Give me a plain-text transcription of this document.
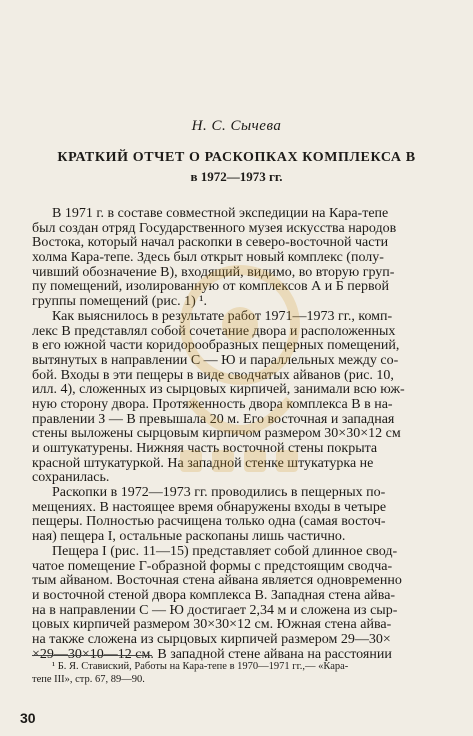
Н. С. Сычева
КРАТКИЙ ОТЧЕТ О РАСКОПКАХ КОМПЛЕКСА В
в 1972—1973 гг.
В 1971 г. в составе совместной экспедиции на Кара-тепе
был создан отряд Государственного музея искусства народов
Востока, который начал раскопки в северо-восточной части
холма Кара-тепе. Здесь был открыт новый комплекс (полу-
чивший обозначение В), входящий, видимо, во вторую груп-
пу помещений, изолированную от комплексов А и Б первой
группы помещений (рис. 1) ¹.
Как выяснилось в результате работ 1971—1973 гг., комп-
лекс В представлял собой сочетание двора и расположенных
в его южной части коридорообразных пещерных помещений,
вытянутых в направлении С — Ю и параллельных между со-
бой. Входы в эти пещеры в виде сводчатых айванов (рис. 10,
илл. 4), сложенных из сырцовых кирпичей, занимали всю юж-
ную сторону двора. Протяженность двора комплекса В в на-
правлении З — В превышала 20 м. Его восточная и западная
стены выложены сырцовым кирпичом размером 30×30×12 см
и оштукатурены. Нижняя часть восточной стены покрыта
красной штукатуркой. На западной стенке штукатурка не
сохранилась.
Раскопки в 1972—1973 гг. проводились в пещерных по-
мещениях. В настоящее время обнаружены входы в четыре
пещеры. Полностью расчищена только одна (самая восточ-
ная) пещера I, остальные раскопаны лишь частично.
Пещера I (рис. 11—15) представляет собой длинное свод-
чатое помещение Г-образной формы с предстоящим сводча-
тым айваном. Восточная стена айвана является одновременно
и восточной стеной двора комплекса В. Западная стена айва-
на в направлении С — Ю достигает 2,34 м и сложена из сыр-
цовых кирпичей размером 30×30×12 см. Южная стена айва-
на также сложена из сырцовых кирпичей размером 29—30×
×29—30×10—12 см. В западной стене айвана на расстоянии
¹ Б. Я. Ставиский, Работы на Кара-тепе в 1970—1971 гг.,— «Кара-
тепе III», стр. 67, 89—90.
30
